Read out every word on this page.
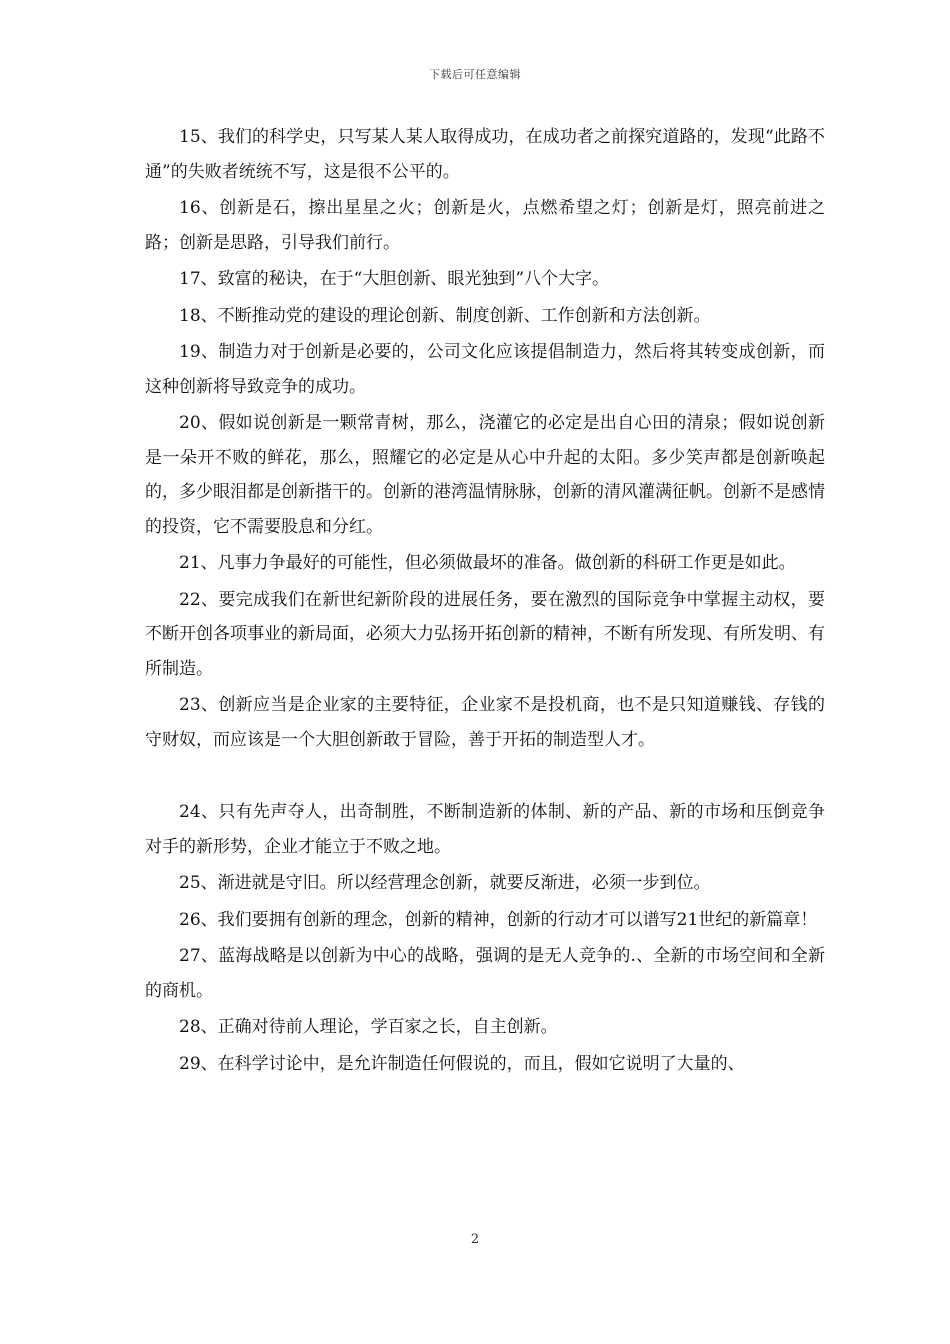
下载后可任意编辑

15、我们的科学史，只写某人某人取得成功，在成功者之前探究道路的，发现“此路不通”的失败者统统不写，这是很不公平的。

16、创新是石，擦出星星之火；创新是火，点燃希望之灯；创新是灯，照亮前进之路；创新是思路，引导我们前行。

17、致富的秘诀，在于“大胆创新、眼光独到”八个大字。

18、不断推动党的建设的理论创新、制度创新、工作创新和方法创新。

19、制造力对于创新是必要的，公司文化应该提倡制造力，然后将其转变成创新，而这种创新将导致竞争的成功。

20、假如说创新是一颗常青树，那么，浇灌它的必定是出自心田的清泉；假如说创新是一朵开不败的鲜花，那么，照耀它的必定是从心中升起的太阳。多少笑声都是创新唤起的，多少眼泪都是创新揩干的。创新的港湾温情脉脉，创新的清风灌满征帆。创新不是感情的投资，它不需要股息和分红。

21、凡事力争最好的可能性，但必须做最坏的准备。做创新的科研工作更是如此。

22、要完成我们在新世纪新阶段的进展任务，要在激烈的国际竞争中掌握主动权，要不断开创各项事业的新局面，必须大力弘扬开拓创新的精神，不断有所发现、有所发明、有所制造。

23、创新应当是企业家的主要特征，企业家不是投机商，也不是只知道赚钱、存钱的守财奴，而应该是一个大胆创新敢于冒险，善于开拓的制造型人才。

24、只有先声夺人，出奇制胜，不断制造新的体制、新的产品、新的市场和压倒竞争对手的新形势，企业才能立于不败之地。

25、渐进就是守旧。所以经营理念创新，就要反渐进，必须一步到位。

26、我们要拥有创新的理念，创新的精神，创新的行动才可以谱写21世纪的新篇章！

27、蓝海战略是以创新为中心的战略，强调的是无人竞争的.、全新的市场空间和全新的商机。

28、正确对待前人理论，学百家之长，自主创新。

29、在科学讨论中，是允许制造任何假说的，而且，假如它说明了大量的、

2
